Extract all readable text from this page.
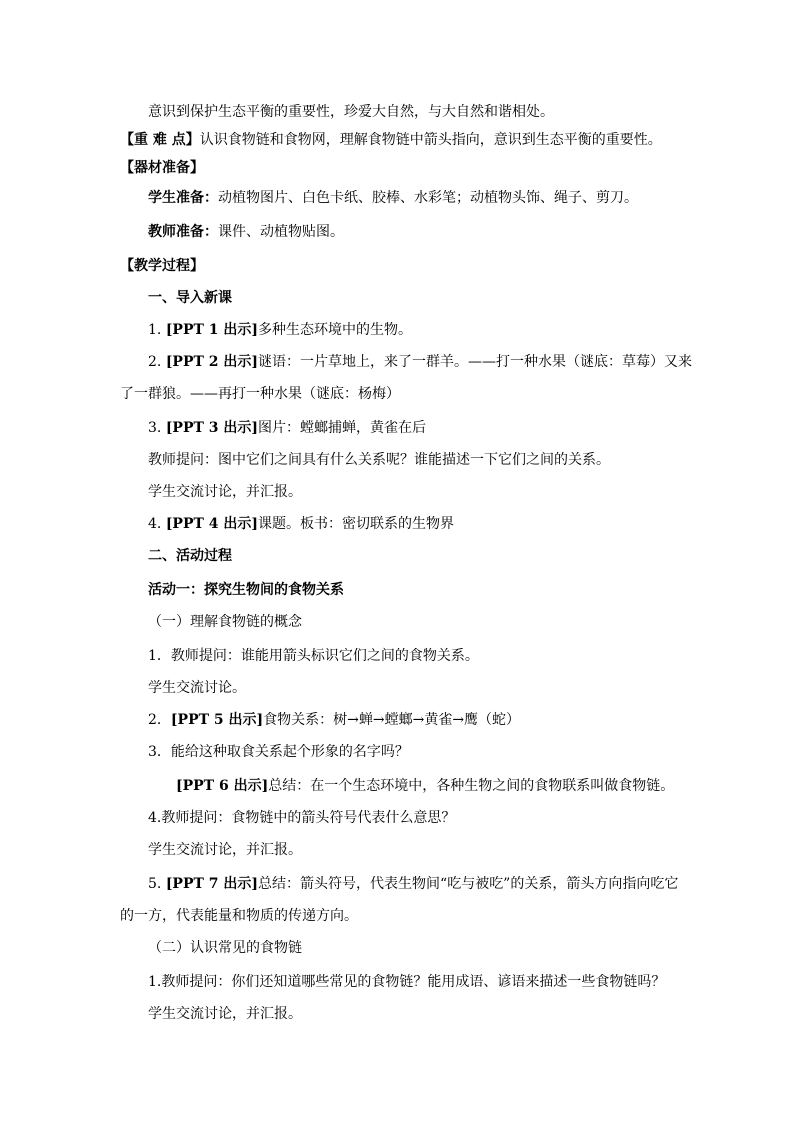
意识到保护生态平衡的重要性，珍爱大自然，与大自然和谐相处。
【重 难 点】认识食物链和食物网，理解食物链中箭头指向，意识到生态平衡的重要性。
【器材准备】
学生准备：动植物图片、白色卡纸、胶棒、水彩笔；动植物头饰、绳子、剪刀。
教师准备：课件、动植物贴图。
【教学过程】
一、导入新课
1. [PPT 1 出示]多种生态环境中的生物。
2. [PPT 2 出示]谜语：一片草地上，来了一群羊。——打一种水果（谜底：草莓）又来
了一群狼。——再打一种水果（谜底：杨梅）
3. [PPT 3 出示]图片：螳螂捕蝉，黄雀在后
教师提问：图中它们之间具有什么关系呢？谁能描述一下它们之间的关系。
学生交流讨论，并汇报。
4. [PPT 4 出示]课题。板书：密切联系的生物界
二、活动过程
活动一：探究生物间的食物关系
（一）理解食物链的概念
1．教师提问：谁能用箭头标识它们之间的食物关系。
学生交流讨论。
2．[PPT 5 出示]食物关系：树→蝉→螳螂→黄雀→鹰（蛇）
3．能给这种取食关系起个形象的名字吗？
[PPT 6 出示]总结：在一个生态环境中，各种生物之间的食物联系叫做食物链。
4.教师提问：食物链中的箭头符号代表什么意思？
学生交流讨论，并汇报。
5. [PPT 7 出示]总结：箭头符号，代表生物间“吃与被吃”的关系，箭头方向指向吃它
的一方，代表能量和物质的传递方向。
（二）认识常见的食物链
1.教师提问：你们还知道哪些常见的食物链？能用成语、谚语来描述一些食物链吗？
学生交流讨论，并汇报。
